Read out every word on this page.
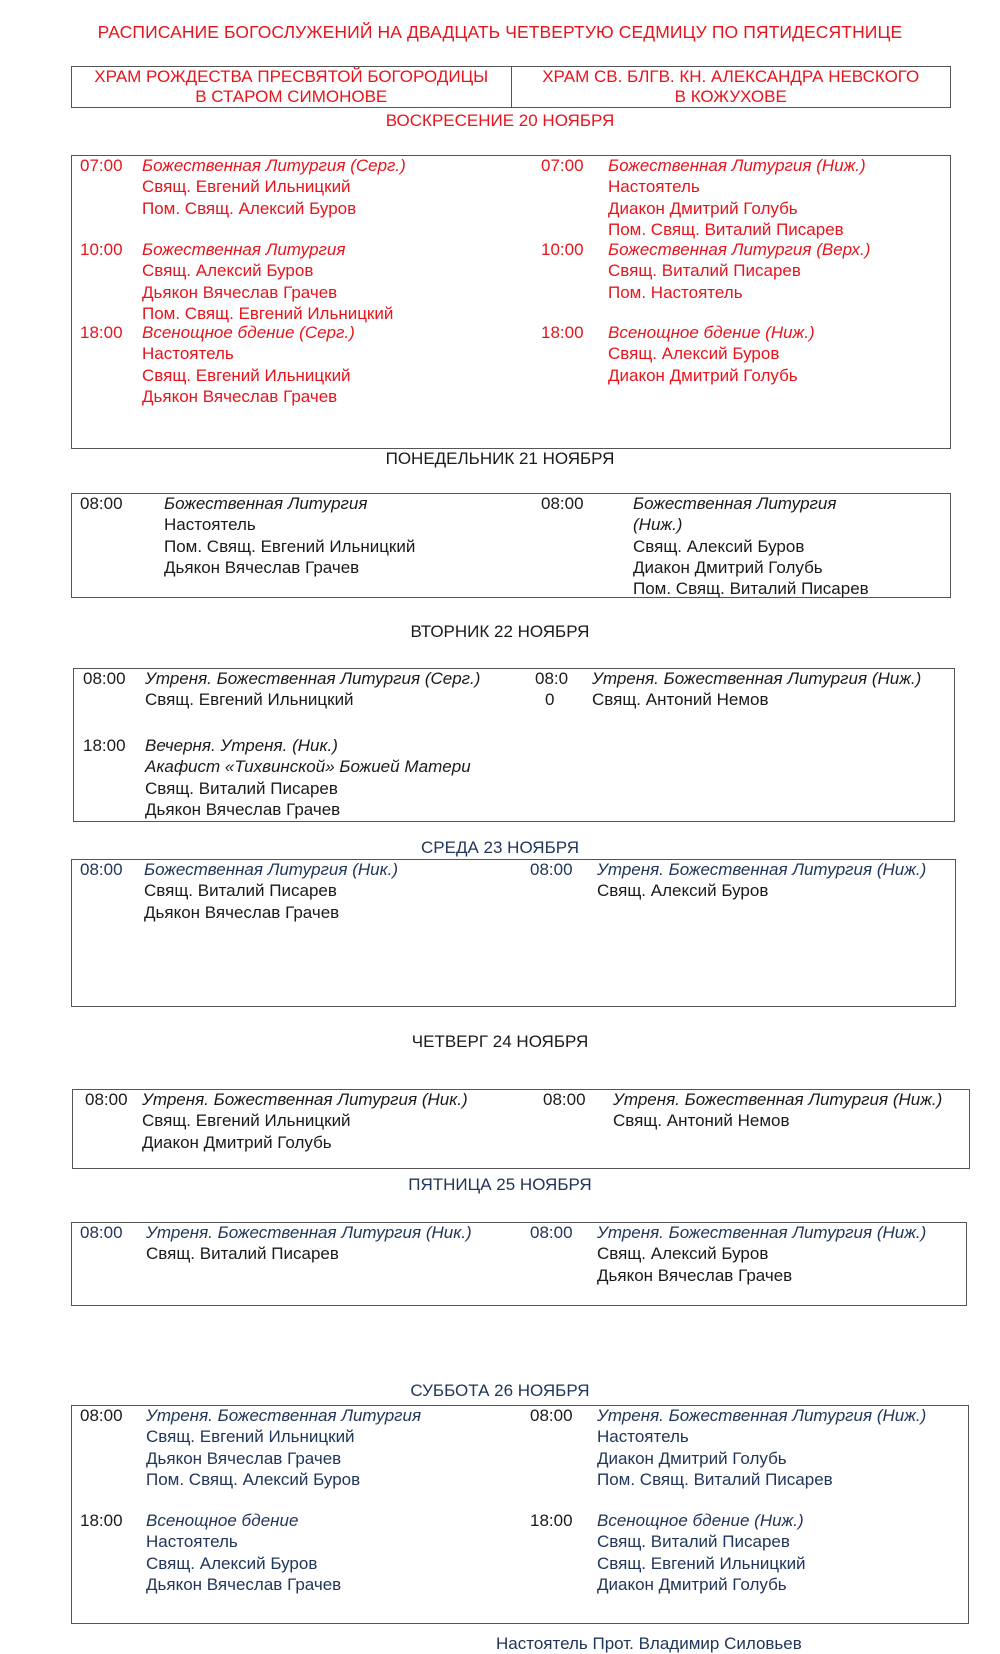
РАСПИСАНИЕ БОГОСЛУЖЕНИЙ НА ДВАДЦАТЬ ЧЕТВЕРТУЮ СЕДМИЦУ ПО ПЯТИДЕСЯТНИЦЕ
ХРАМ РОЖДЕСТВА ПРЕСВЯТОЙ БОГОРОДИЦЫ
В СТАРОМ СИМОНОВЕ
ХРАМ СВ. БЛГВ. КН. АЛЕКСАНДРА НЕВСКОГО
В КОЖУХОВЕ
ВОСКРЕСЕНИЕ 20 НОЯБРЯ
07:00 Божественная Литургия (Серг.)
Свящ. Евгений Ильницкий
Пом. Свящ. Алексий Буров
10:00 Божественная Литургия
Свящ. Алексий Буров
Дьякон Вячеслав Грачев
Пом. Свящ. Евгений Ильницкий
18:00 Всенощное бдение (Серг.)
Настоятель
Свящ. Евгений Ильницкий
Дьякон Вячеслав Грачев
07:00 Божественная Литургия (Ниж.)
Настоятель
Диакон Дмитрий Голубь
Пом. Свящ. Виталий Писарев
10:00 Божественная Литургия (Верх.)
Свящ. Виталий Писарев
Пом. Настоятель
18:00 Всенощное бдение (Ниж.)
Свящ. Алексий Буров
Диакон Дмитрий Голубь
ПОНЕДЕЛЬНИК 21 НОЯБРЯ
08:00 Божественная Литургия
Настоятель
Пом. Свящ. Евгений Ильницкий
Дьякон Вячеслав Грачев
08:00	Божественная Литургия
(Ниж.)
Свящ. Алексий Буров
Диакон Дмитрий Голубь
Пом. Свящ. Виталий Писарев
ВТОРНИК 22 НОЯБРЯ
08:00 Утреня. Божественная Литургия (Серг.)
Свящ. Евгений Ильницкий
18:00 Вечерня. Утреня. (Ник.)
Акафист «Тихвинской» Божией Матери
Свящ. Виталий Писарев
Дьякон Вячеслав Грачев
08:0
0
Утреня. Божественная Литургия (Ниж.)
Свящ. Антоний Немов
СРЕДА 23 НОЯБРЯ
08:00 Божественная Литургия (Ник.)
Свящ. Виталий Писарев
Дьякон Вячеслав Грачев
08:00 Утреня. Божественная Литургия (Ниж.)
Свящ. Алексий Буров
ЧЕТВЕРГ 24 НОЯБРЯ
08:00 Утреня. Божественная Литургия (Ник.)
Свящ. Евгений Ильницкий
Диакон Дмитрий Голубь
08:00 Утреня. Божественная Литургия (Ниж.)
Свящ. Антоний Немов
ПЯТНИЦА 25 НОЯБРЯ
08:00 Утреня. Божественная Литургия (Ник.)
Свящ. Виталий Писарев
08:00 Утреня. Божественная Литургия (Ниж.)
Свящ. Алексий Буров
Дьякон Вячеслав Грачев
СУББОТА 26 НОЯБРЯ
08:00 Утреня. Божественная Литургия
Свящ. Евгений Ильницкий
Дьякон Вячеслав Грачев
Пом. Свящ. Алексий Буров
18:00 Всенощное бдение
Настоятель
Свящ. Алексий Буров
Дьякон Вячеслав Грачев
08:00 Утреня. Божественная Литургия (Ниж.)
Настоятель
Диакон Дмитрий Голубь
Пом. Свящ. Виталий Писарев
18:00 Всенощное бдение (Ниж.)
Свящ. Виталий Писарев
Свящ. Евгений Ильницкий
Диакон Дмитрий Голубь
Настоятель Прот. Владимир Силовьев
